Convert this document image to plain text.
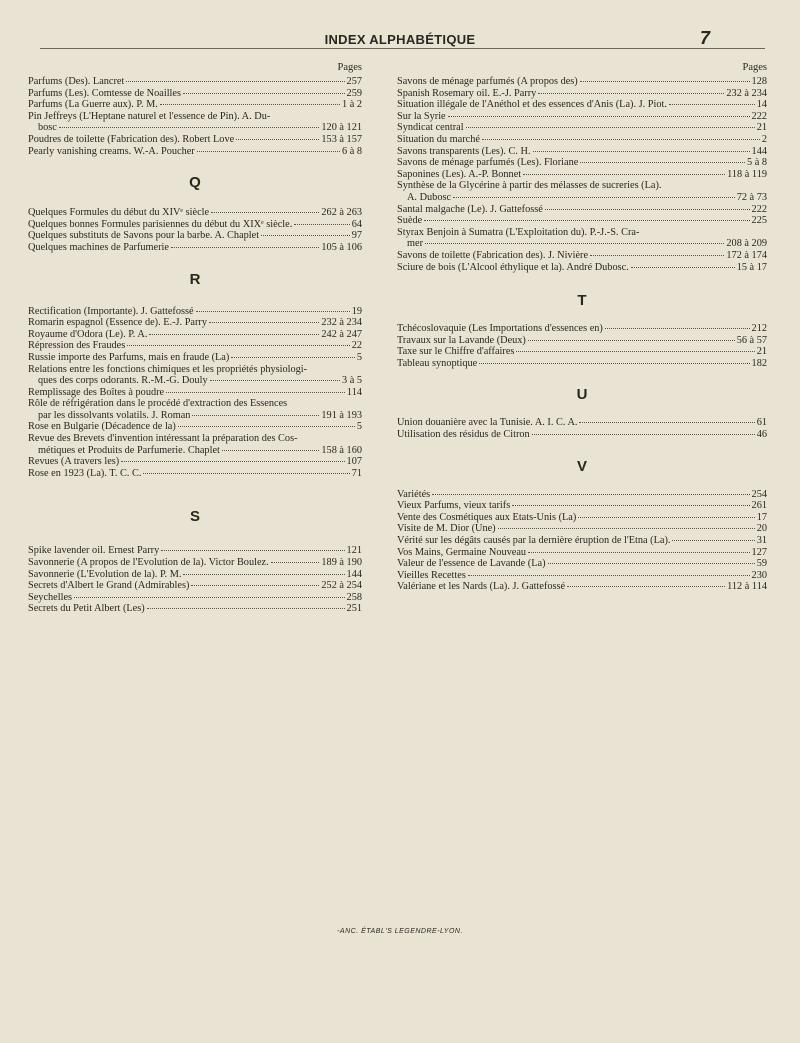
INDEX ALPHABÉTIQUE	7
Pages
Parfums (Des). Lancret	257
Parfums (Les). Comtesse de Noailles	259
Parfums (La Guerre aux). P. M.	1 à 2
Pin Jeffreys (L'Heptane naturel et l'essence de Pin). A. Du-
bosc	120 à 121
Poudres de toilette (Fabrication des). Robert Love	153 à 157
Pearly vanishing creams. W.-A. Poucher	6 à 8
Q
Quelques Formules du début du XIVᵉ siècle	262 à 263
Quelques bonnes Formules parisiennes du début du XIXᵉ siècle.	64
Quelques substituts de Savons pour la barbe. A. Chaplet	97
Quelques machines de Parfumerie	105 à 106
R
Rectification (Importante). J. Gattefossé	19
Romarin espagnol (Essence de). E.-J. Parry	232 à 234
Royaume d'Odora (Le). P. A.	242 à 247
Répression des Fraudes	22
Russie importe des Parfums, mais en fraude (La)	5
Relations entre les fonctions chimiques et les propriétés physiologi-
ques des corps odorants. R.-M.-G. Douly	3 à 5
Remplissage des Boîtes à poudre	114
Rôle de réfrigération dans le procédé d'extraction des Essences
par les dissolvants volatils. J. Roman	191 à 193
Rose en Bulgarie (Décadence de la)	5
Revue des Brevets d'invention intéressant la préparation des Cos-
métiques et Produits de Parfumerie. Chaplet	158 à 160
Revues (A travers les)	107
Rose en 1923 (La). T. C. C.	71
S
Spike lavender oil. Ernest Parry	121
Savonnerie (A propos de l'Evolution de la). Victor Boulez.	189 à 190
Savonnerie (L'Evolution de la). P. M.	144
Secrets d'Albert le Grand (Admirables)	252 à 254
Seychelles	258
Secrets du Petit Albert (Les)	251
Pages
Savons de ménage parfumés (A propos des)	128
Spanish Rosemary oil. E.-J. Parry	232 à 234
Situation illégale de l'Anéthol et des essences d'Anis (La). J. Piot.	14
Sur la Syrie	222
Syndicat central	21
Situation du marché	2
Savons transparents (Les). C. H.	144
Savons de ménage parfumés (Les). Floriane	5 à 8
Saponines (Les). A.-P. Bonnet	118 à 119
Synthèse de la Glycérine à partir des mélasses de sucreries (La).
A. Dubosc	72 à 73
Santal malgache (Le). J. Gattefossé	222
Suède	225
Styrax Benjoin à Sumatra (L'Exploitation du). P.-J.-S. Cra-
mer	208 à 209
Savons de toilette (Fabrication des). J. Nivière	172 à 174
Sciure de bois (L'Alcool éthylique et la). André Dubosc.	15 à 17
T
Tchécoslovaquie (Les Importations d'essences en)	212
Travaux sur la Lavande (Deux)	56 à 57
Taxe sur le Chiffre d'affaires	21
Tableau synoptique	182
U
Union douanière avec la Tunisie. A. I. C. A.	61
Utilisation des résidus de Citron	46
V
Variétés	254
Vieux Parfums, vieux tarifs	261
Vente des Cosmétiques aux Etats-Unis (La)	17
Visite de M. Dior (Une)	20
Vérité sur les dégâts causés par la dernière éruption de l'Etna (La).	31
Vos Mains, Germaine Nouveau	127
Valeur de l'essence de Lavande (La)	59
Vieilles Recettes	230
Valériane et les Nards (La). J. Gattefossé	112 à 114
-ANC. ÉTABL'S LEGENDRE-LYON.
